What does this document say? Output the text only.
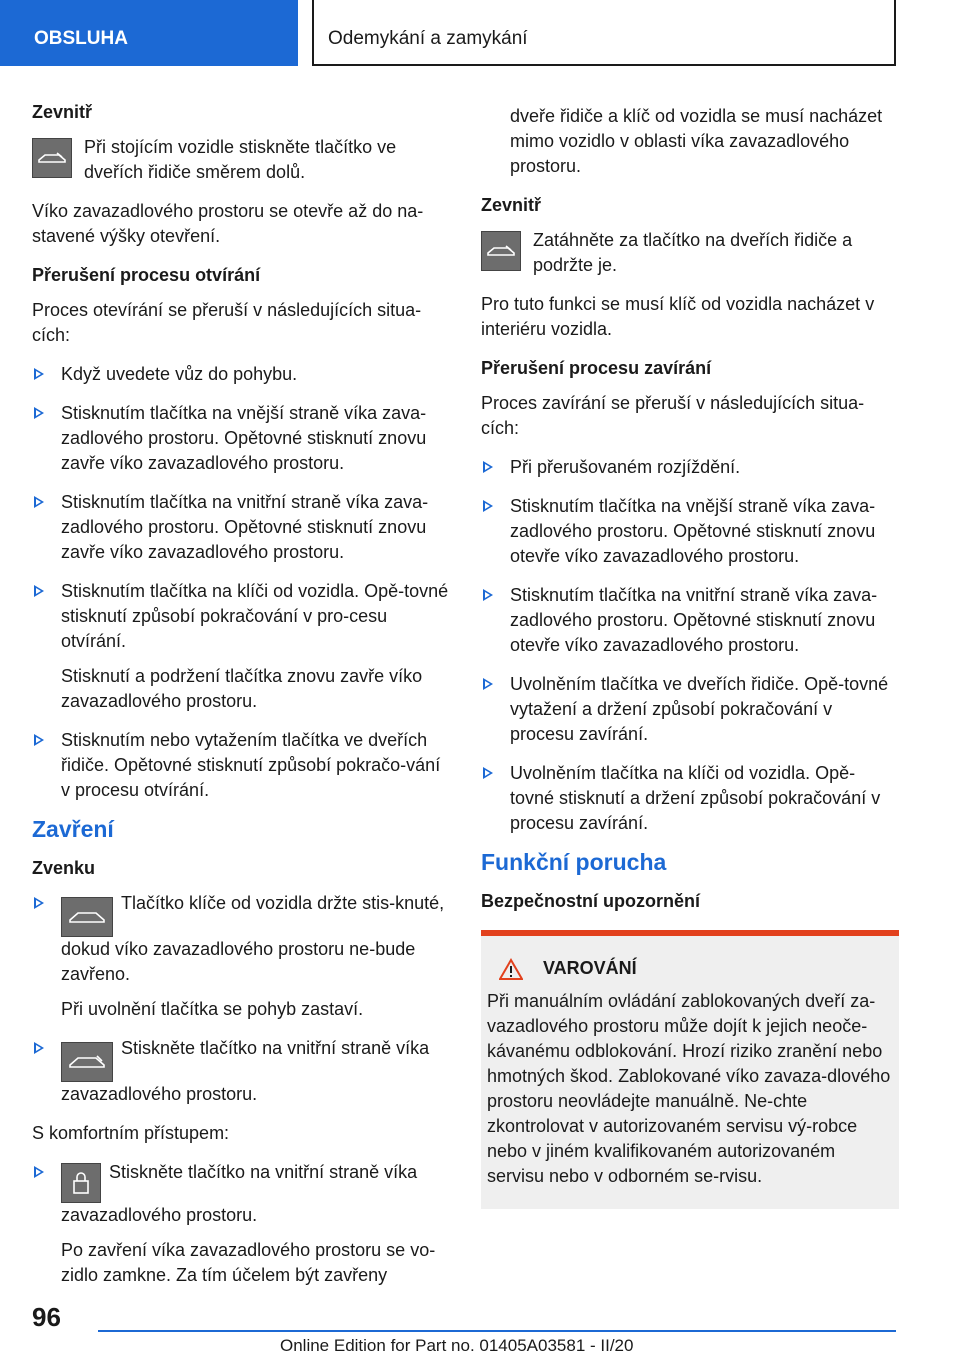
OBSLUHA	Odemykání a zamykání
Zevnitř
Při stojícím vozidle stiskněte tlačítko ve dveřích řidiče směrem dolů.
Víko zavazadlového prostoru se otevře až do na-stavené výšky otevření.
Přerušení procesu otvírání
Proces otevírání se přeruší v následujících situa-cích:
Když uvedete vůz do pohybu.
Stisknutím tlačítka na vnější straně víka zava-zadlového prostoru. Opětovné stisknutí znovu zavře víko zavazadlového prostoru.
Stisknutím tlačítka na vnitřní straně víka zava-zadlového prostoru. Opětovné stisknutí znovu zavře víko zavazadlového prostoru.
Stisknutím tlačítka na klíči od vozidla. Opě-tovné stisknutí způsobí pokračování v pro-cesu otvírání.
Stisknutí a podržení tlačítka znovu zavře víko zavazadlového prostoru.
Stisknutím nebo vytažením tlačítka ve dveřích řidiče. Opětovné stisknutí způsobí pokračo-vání v procesu otvírání.
Zavření
Zvenku
Tlačítko klíče od vozidla držte stis-knuté, dokud víko zavazadlového prostoru ne-bude zavřeno.
Při uvolnění tlačítka se pohyb zastaví.
Stiskněte tlačítko na vnitřní straně víka zavazadlového prostoru.
S komfortním přístupem:
Stiskněte tlačítko na vnitřní straně víka zavazadlového prostoru.
Po zavření víka zavazadlového prostoru se vo-zidlo zamkne. Za tím účelem být zavřeny
dveře řidiče a klíč od vozidla se musí nacházet mimo vozidlo v oblasti víka zavazadlového prostoru.
Zevnitř
Zatáhněte za tlačítko na dveřích řidiče a podržte je.
Pro tuto funkci se musí klíč od vozidla nacházet v interiéru vozidla.
Přerušení procesu zavírání
Proces zavírání se přeruší v následujících situa-cích:
Při přerušovaném rozjíždění.
Stisknutím tlačítka na vnější straně víka zava-zadlového prostoru. Opětovné stisknutí znovu otevře víko zavazadlového prostoru.
Stisknutím tlačítka na vnitřní straně víka zava-zadlového prostoru. Opětovné stisknutí znovu otevře víko zavazadlového prostoru.
Uvolněním tlačítka ve dveřích řidiče. Opě-tovné vytažení a držení způsobí pokračování v procesu zavírání.
Uvolněním tlačítka na klíči od vozidla. Opě-tovné stisknutí a držení způsobí pokračování v procesu zavírání.
Funkční porucha
Bezpečnostní upozornění
VAROVÁNÍ
Při manuálním ovládání zablokovaných dveří za-vazadlového prostoru může dojít k jejich neoče-kávanému odblokování. Hrozí riziko zranění nebo hmotných škod. Zablokované víko zavaza-dlového prostoru neovládejte manuálně. Ne-chte zkontrolovat v autorizovaném servisu vý-robce nebo v jiném kvalifikovaném autorizovaném servisu nebo v odborném se-rvisu.
96
Online Edition for Part no. 01405A03581 - II/20
